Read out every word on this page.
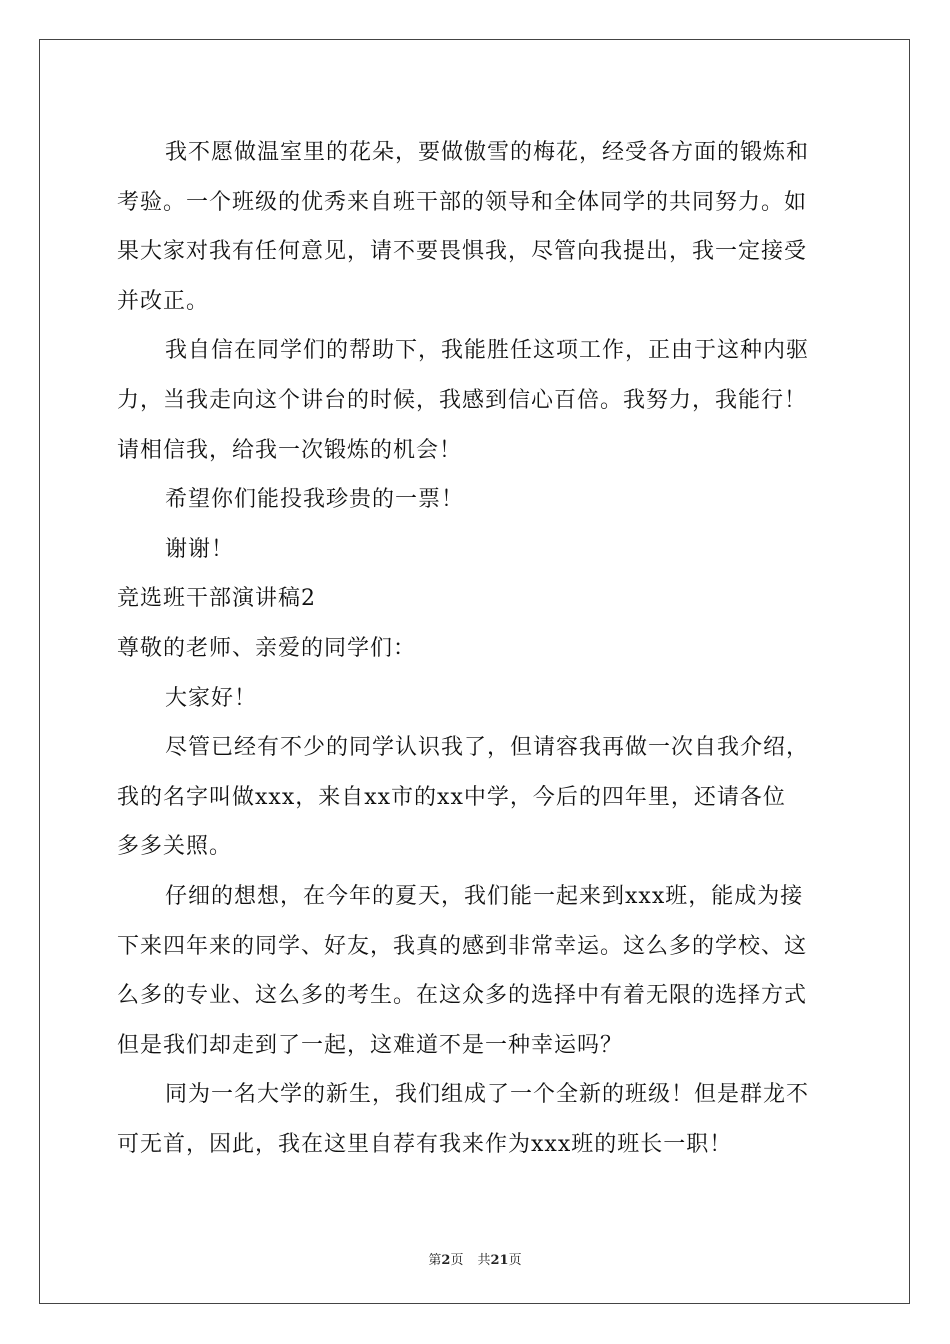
我不愿做温室里的花朵，要做傲雪的梅花，经受各方面的锻炼和
考验。一个班级的优秀来自班干部的领导和全体同学的共同努力。如
果大家对我有任何意见，请不要畏惧我，尽管向我提出，我一定接受
并改正。
我自信在同学们的帮助下，我能胜任这项工作，正由于这种内驱
力，当我走向这个讲台的时候，我感到信心百倍。我努力，我能行！
请相信我，给我一次锻炼的机会！
希望你们能投我珍贵的一票！
谢谢！
竞选班干部演讲稿2
尊敬的老师、亲爱的同学们：
大家好！
尽管已经有不少的同学认识我了，但请容我再做一次自我介绍，
我的名字叫做xxx，来自xx市的xx中学，今后的四年里，还请各位
多多关照。
仔细的想想，在今年的夏天，我们能一起来到xxx班，能成为接
下来四年来的同学、好友，我真的感到非常幸运。这么多的学校、这
么多的专业、这么多的考生。在这众多的选择中有着无限的选择方式
但是我们却走到了一起，这难道不是一种幸运吗？
同为一名大学的新生，我们组成了一个全新的班级！但是群龙不
可无首，因此，我在这里自荐有我来作为xxx班的班长一职！
第2页 共21页
